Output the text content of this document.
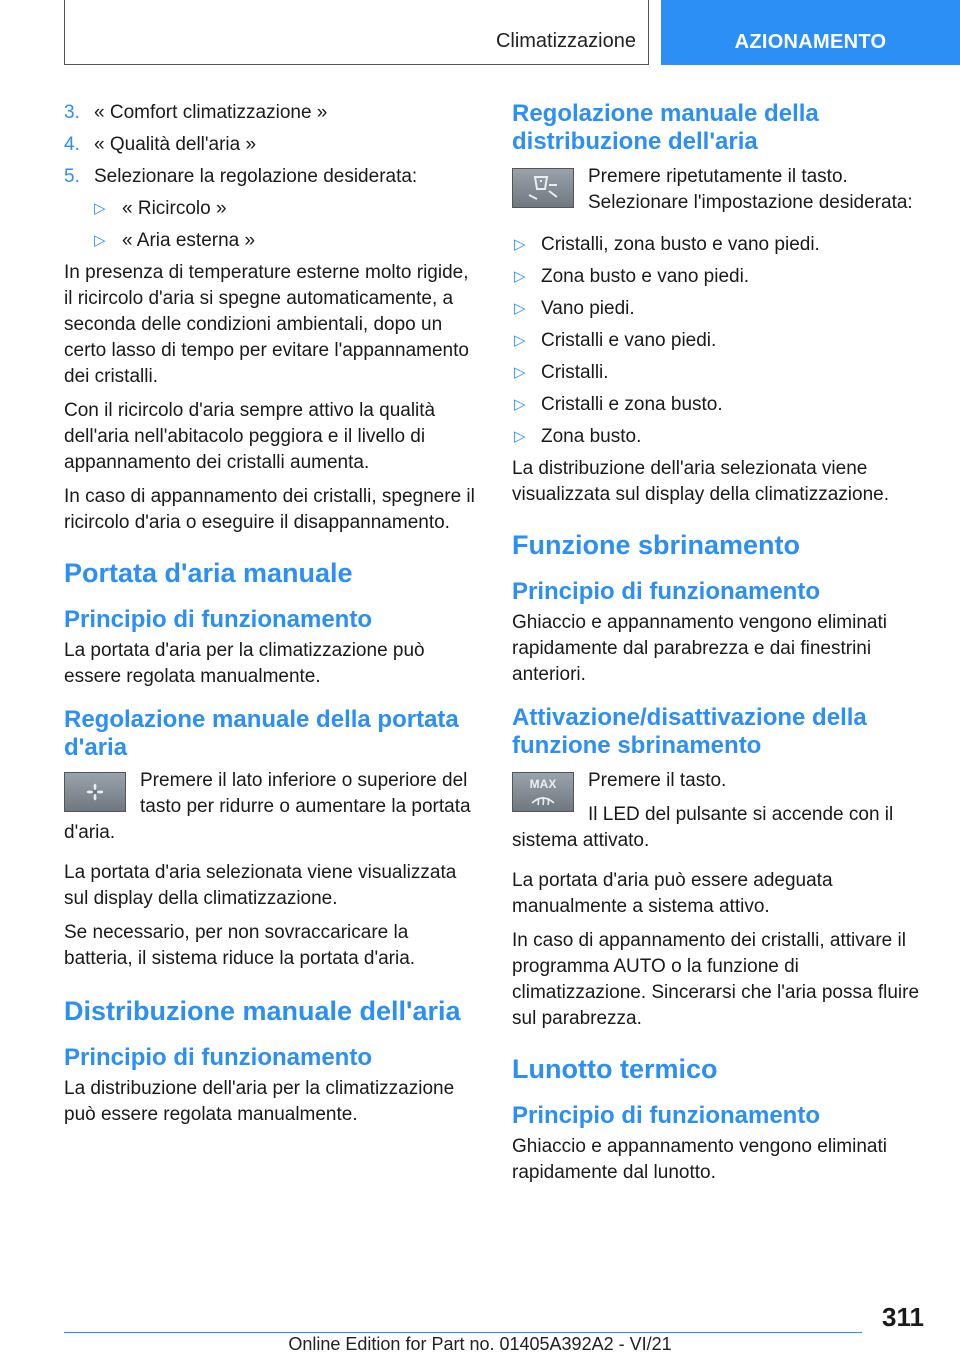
Climatizzazione	AZIONAMENTO
3. « Comfort climatizzazione »
4. « Qualità dell'aria »
5. Selezionare la regolazione desiderata:
▷ « Ricircolo »
▷ « Aria esterna »

In presenza di temperature esterne molto rigide, il ricircolo d'aria si spegne automaticamente, a seconda delle condizioni ambientali, dopo un certo lasso di tempo per evitare l'appannamento dei cristalli.

Con il ricircolo d'aria sempre attivo la qualità dell'aria nell'abitacolo peggiora e il livello di appannamento dei cristalli aumenta.

In caso di appannamento dei cristalli, spegnere il ricircolo d'aria o eseguire il disappannamento.

Portata d'aria manuale
Principio di funzionamento

La portata d'aria per la climatizzazione può essere regolata manualmente.

Regolazione manuale della portata d'aria

Premere il lato inferiore o superiore del tasto per ridurre o aumentare la portata d'aria.

La portata d'aria selezionata viene visualizzata sul display della climatizzazione.

Se necessario, per non sovraccaricare la batteria, il sistema riduce la portata d'aria.

Distribuzione manuale dell'aria
Principio di funzionamento

La distribuzione dell'aria per la climatizzazione può essere regolata manualmente.

Regolazione manuale della distribuzione dell'aria

Premere ripetutamente il tasto. Selezionare l'impostazione desiderata:

▷ Cristalli, zona busto e vano piedi.
▷ Zona busto e vano piedi.
▷ Vano piedi.
▷ Cristalli e vano piedi.
▷ Cristalli.
▷ Cristalli e zona busto.
▷ Zona busto.

La distribuzione dell'aria selezionata viene visualizzata sul display della climatizzazione.

Funzione sbrinamento
Principio di funzionamento

Ghiaccio e appannamento vengono eliminati rapidamente dal parabrezza e dai finestrini anteriori.

Attivazione/disattivazione della funzione sbrinamento
MAX	Premere il tasto.

Il LED del pulsante si accende con il sistema attivato.

La portata d'aria può essere adeguata manualmente a sistema attivo.

In caso di appannamento dei cristalli, attivare il programma AUTO o la funzione di climatizzazione. Sincerarsi che l'aria possa fluire sul parabrezza.

Lunotto termico
Principio di funzionamento

Ghiaccio e appannamento vengono eliminati rapidamente dal lunotto.

311
Online Edition for Part no. 01405A392A2 - VI/21
